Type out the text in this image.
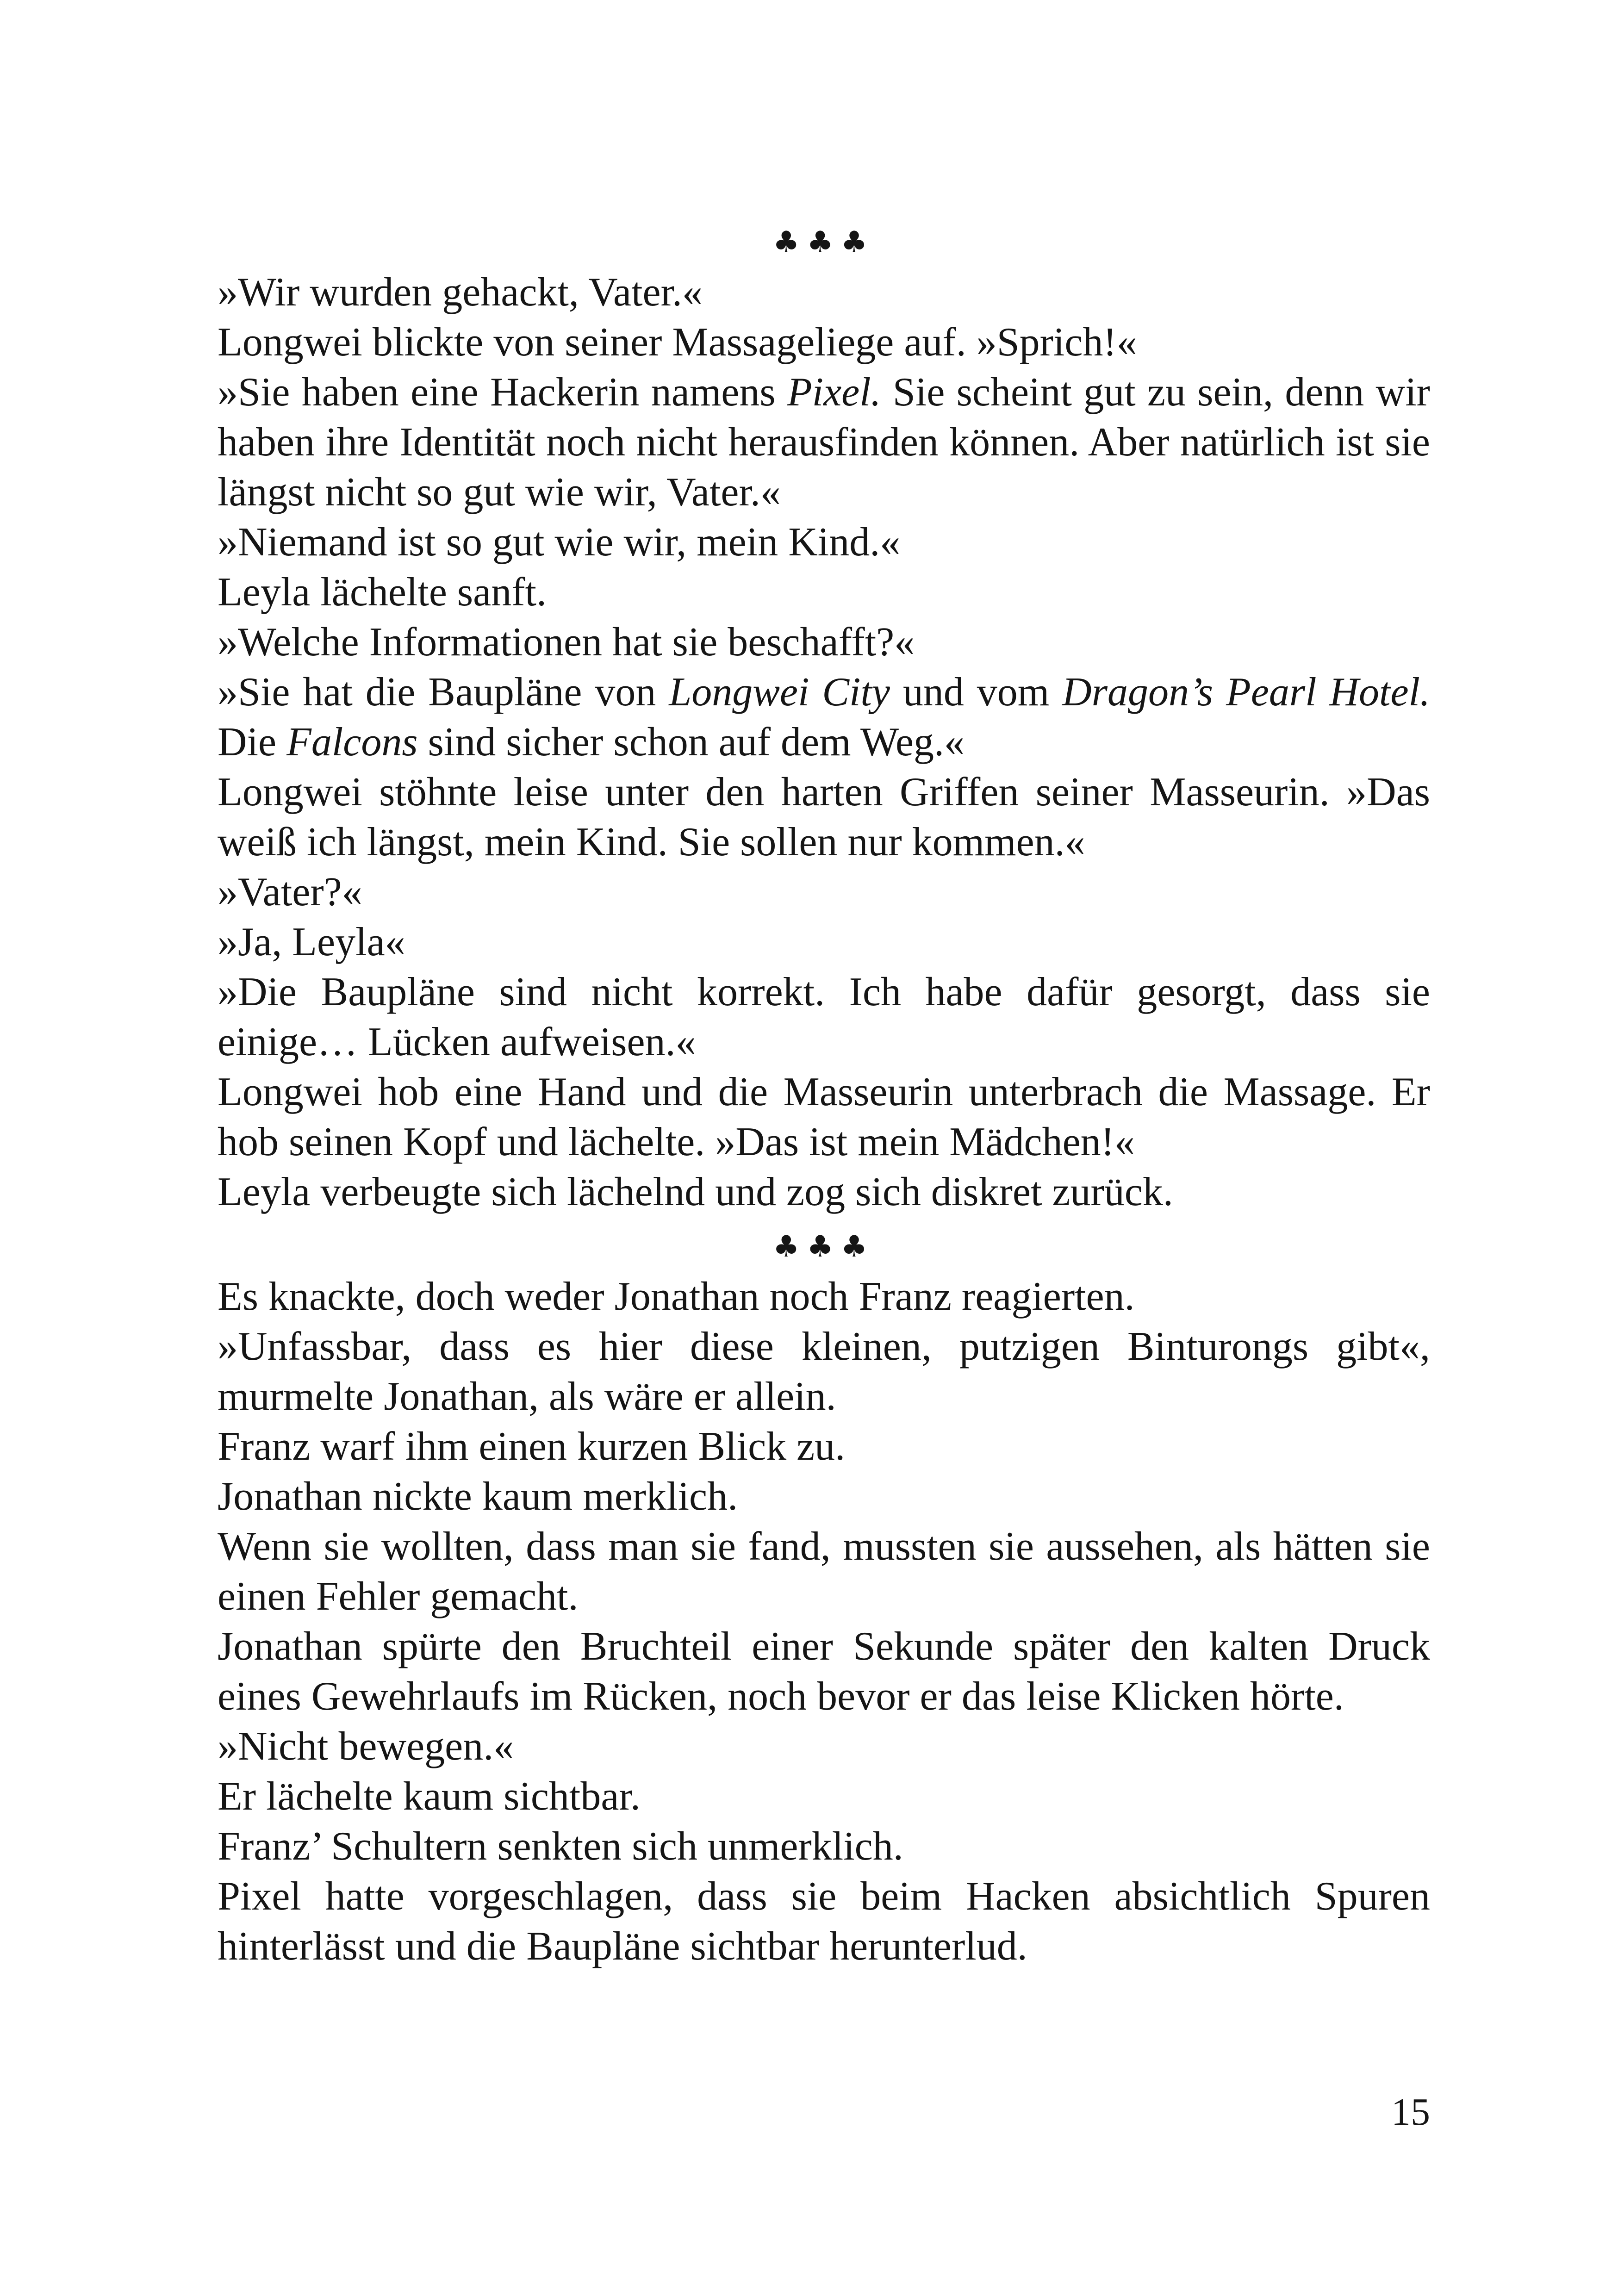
♣♣♣

»Wir wurden gehackt, Vater.«

Longwei blickte von seiner Massageliege auf. »Sprich!«

»Sie haben eine Hackerin namens Pixel. Sie scheint gut zu sein, denn wir haben ihre Identität noch nicht herausfinden können. Aber natürlich ist sie längst nicht so gut wie wir, Vater.«

»Niemand ist so gut wie wir, mein Kind.«

Leyla lächelte sanft.

»Welche Informationen hat sie beschafft?«

»Sie hat die Baupläne von Longwei City und vom Dragon’s Pearl Hotel. Die Falcons sind sicher schon auf dem Weg.«

Longwei stöhnte leise unter den harten Griffen seiner Masseurin. »Das weiß ich längst, mein Kind. Sie sollen nur kommen.«

»Vater?«

»Ja, Leyla«

»Die Baupläne sind nicht korrekt. Ich habe dafür gesorgt, dass sie einige… Lücken aufweisen.«

Longwei hob eine Hand und die Masseurin unterbrach die Massage. Er hob seinen Kopf und lächelte. »Das ist mein Mädchen!«

Leyla verbeugte sich lächelnd und zog sich diskret zurück.

♣♣♣

Es knackte, doch weder Jonathan noch Franz reagierten.

»Unfassbar, dass es hier diese kleinen, putzigen Binturongs gibt«, murmelte Jonathan, als wäre er allein.

Franz warf ihm einen kurzen Blick zu.

Jonathan nickte kaum merklich.

Wenn sie wollten, dass man sie fand, mussten sie aussehen, als hätten sie einen Fehler gemacht.

Jonathan spürte den Bruchteil einer Sekunde später den kalten Druck eines Gewehrlaufs im Rücken, noch bevor er das leise Klicken hörte.

»Nicht bewegen.«

Er lächelte kaum sichtbar.

Franz’ Schultern senkten sich unmerklich.

Pixel hatte vorgeschlagen, dass sie beim Hacken absichtlich Spuren hinterlässt und die Baupläne sichtbar herunterlud.

15
